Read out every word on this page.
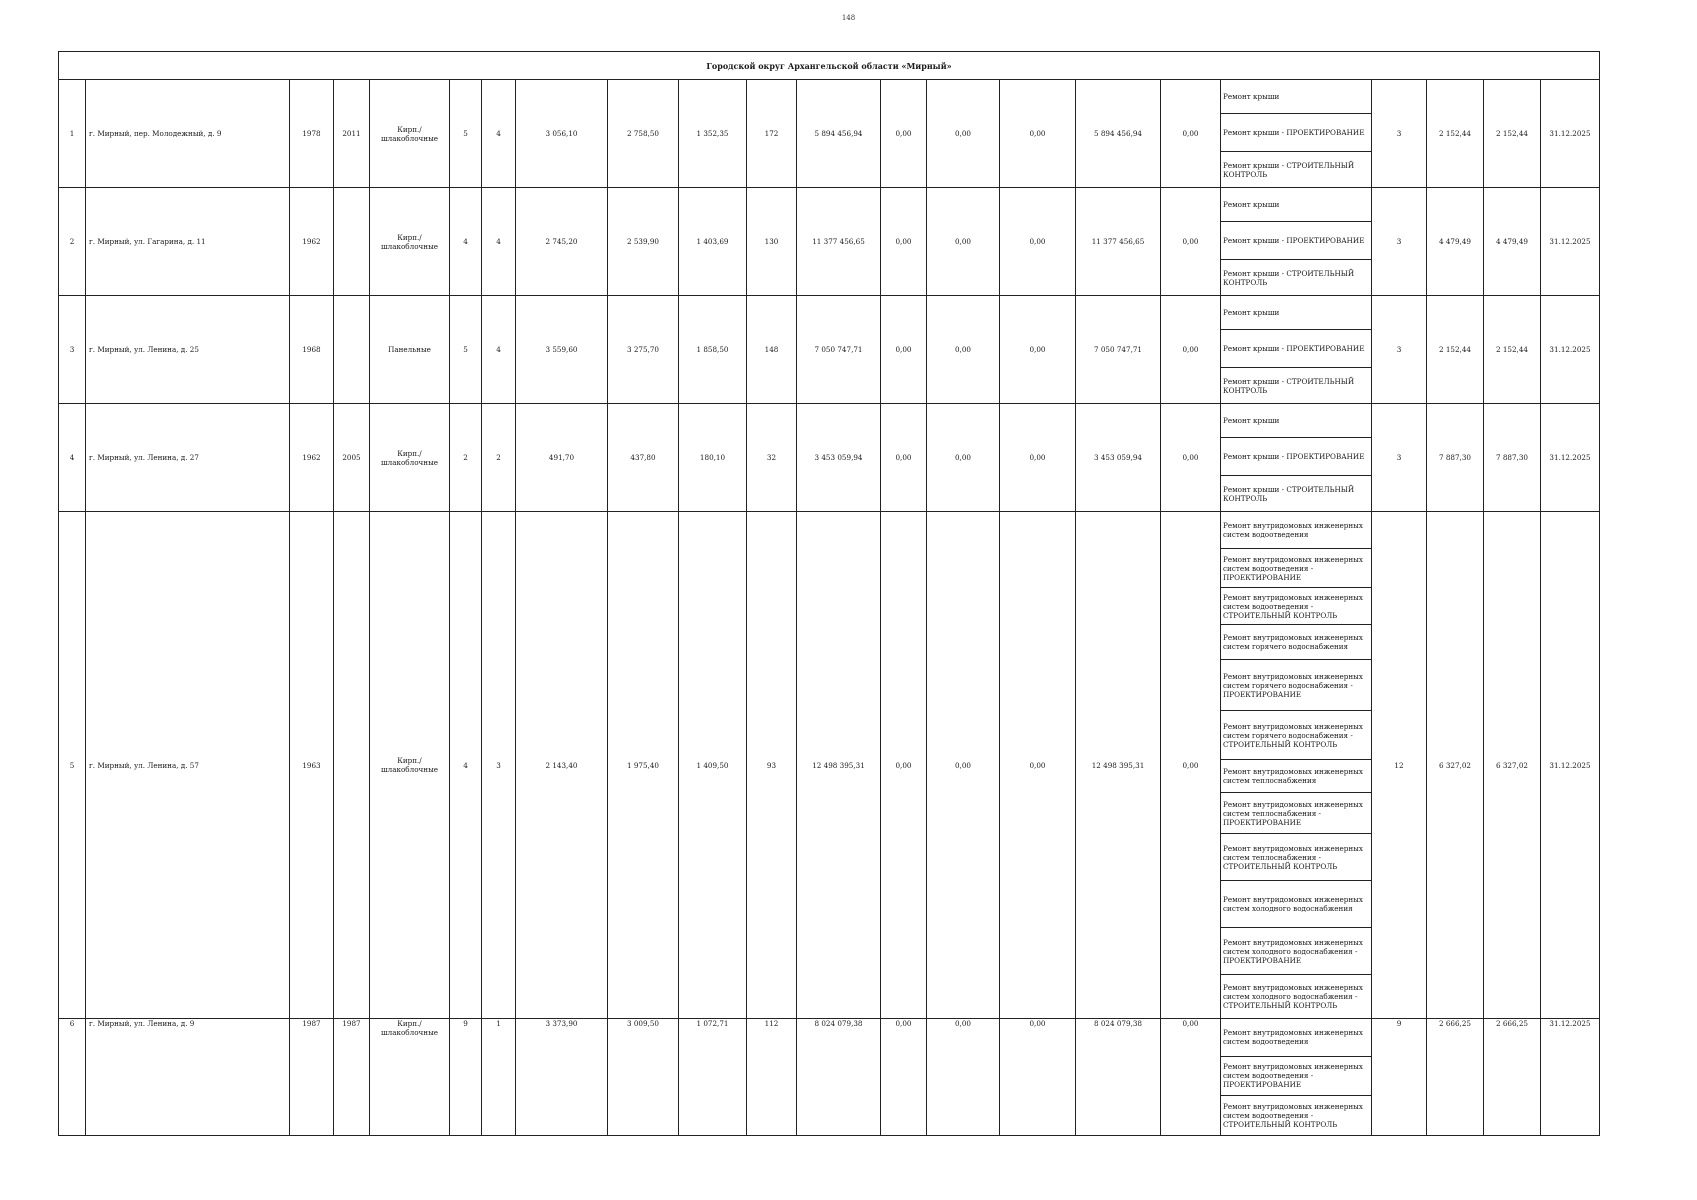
148
Городской округ Архангельской области «Мирный»
1	г. Мирный, пер. Молодежный, д. 9	1978	2011	Кирп./ шлакоблочные	5	4	3 056,10	2 758,50	1 352,35	172	5 894 456,94	0,00	0,00	0,00	5 894 456,94	0,00	
Ремонт крыши
Ремонт крыши - ПРОЕКТИРОВАНИЕ
Ремонт крыши - СТРОИТЕЛЬНЫЙ КОНТРОЛЬ
	3	2 152,44	2 152,44	31.12.2025
2	г. Мирный, ул. Гагарина, д. 11	1962		Кирп./ шлакоблочные	4	4	2 745,20	2 539,90	1 403,69	130	11 377 456,65	0,00	0,00	0,00	11 377 456,65	0,00	
Ремонт крыши
Ремонт крыши - ПРОЕКТИРОВАНИЕ
Ремонт крыши - СТРОИТЕЛЬНЫЙ КОНТРОЛЬ
	3	4 479,49	4 479,49	31.12.2025
3	г. Мирный, ул. Ленина, д. 25	1968		Панельные	5	4	3 559,60	3 275,70	1 858,50	148	7 050 747,71	0,00	0,00	0,00	7 050 747,71	0,00	
Ремонт крыши
Ремонт крыши - ПРОЕКТИРОВАНИЕ
Ремонт крыши - СТРОИТЕЛЬНЫЙ КОНТРОЛЬ
	3	2 152,44	2 152,44	31.12.2025
4	г. Мирный, ул. Ленина, д. 27	1962	2005	Кирп./ шлакоблочные	2	2	491,70	437,80	180,10	32	3 453 059,94	0,00	0,00	0,00	3 453 059,94	0,00	
Ремонт крыши
Ремонт крыши - ПРОЕКТИРОВАНИЕ
Ремонт крыши - СТРОИТЕЛЬНЫЙ КОНТРОЛЬ
	3	7 887,30	7 887,30	31.12.2025
5	г. Мирный, ул. Ленина, д. 57	1963		Кирп./ шлакоблочные	4	3	2 143,40	1 975,40	1 409,50	93	12 498 395,31	0,00	0,00	0,00	12 498 395,31	0,00	
Ремонт внутридомовых инженерных систем водоотведения
Ремонт внутридомовых инженерных систем водоотведения - ПРОЕКТИРОВАНИЕ
Ремонт внутридомовых инженерных систем водоотведения - СТРОИТЕЛЬНЫЙ КОНТРОЛЬ
Ремонт внутридомовых инженерных систем горячего водоснабжения
Ремонт внутридомовых инженерных систем горячего водоснабжения - ПРОЕКТИРОВАНИЕ
Ремонт внутридомовых инженерных систем горячего водоснабжения - СТРОИТЕЛЬНЫЙ КОНТРОЛЬ
Ремонт внутридомовых инженерных систем теплоснабжения
Ремонт внутридомовых инженерных систем теплоснабжения - ПРОЕКТИРОВАНИЕ
Ремонт внутридомовых инженерных систем теплоснабжения - СТРОИТЕЛЬНЫЙ КОНТРОЛЬ
Ремонт внутридомовых инженерных систем холодного водоснабжения
Ремонт внутридомовых инженерных систем холодного водоснабжения - ПРОЕКТИРОВАНИЕ
Ремонт внутридомовых инженерных систем холодного водоснабжения - СТРОИТЕЛЬНЫЙ КОНТРОЛЬ
	12	6 327,02	6 327,02	31.12.2025
6	г. Мирный, ул. Ленина, д. 9	1987	1987	Кирп./ шлакоблочные	9	1	3 373,90	3 009,50	1 072,71	112	8 024 079,38	0,00	0,00	0,00	8 024 079,38	0,00	
Ремонт внутридомовых инженерных систем водоотведения
Ремонт внутридомовых инженерных систем водоотведения - ПРОЕКТИРОВАНИЕ
Ремонт внутридомовых инженерных систем водоотведения - СТРОИТЕЛЬНЫЙ КОНТРОЛЬ
	9	2 666,25	2 666,25	31.12.2025
